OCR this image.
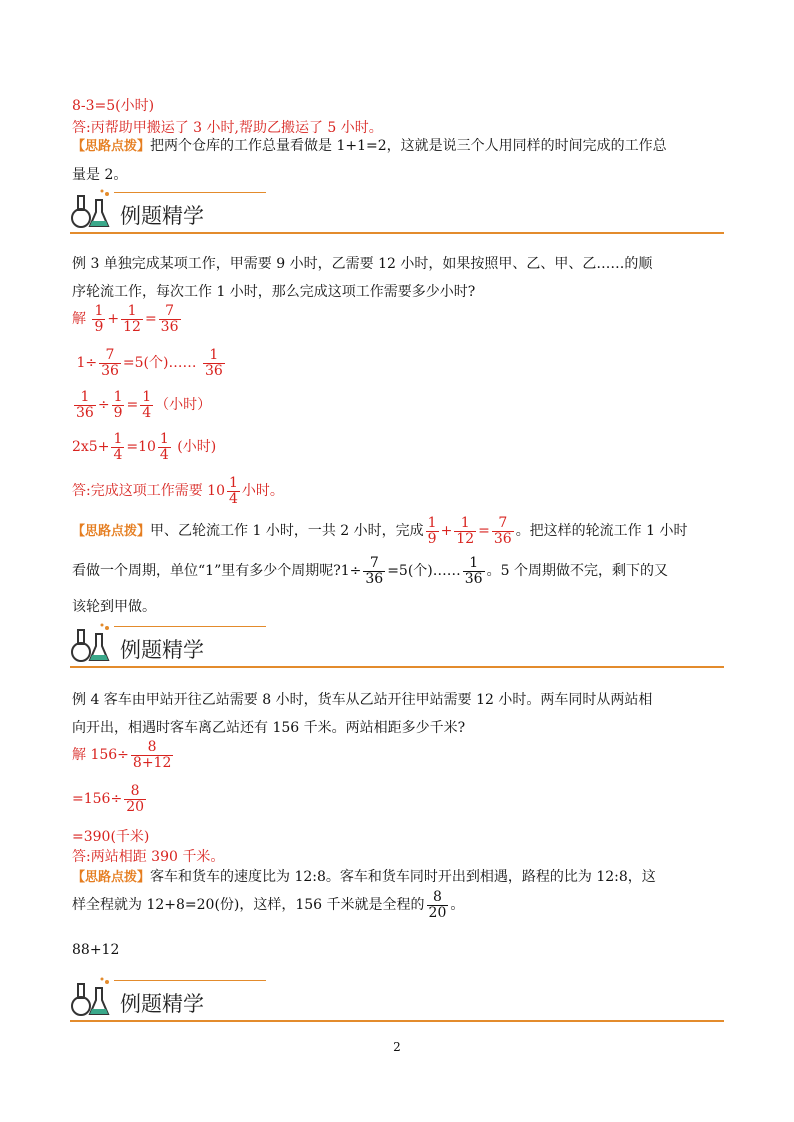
8-3=5(小时)
答:丙帮助甲搬运了 3 小时,帮助乙搬运了 5 小时。
【思路点拨】把两个仓库的工作总量看做是 1+1=2，这就是说三个人用同样的时间完成的工作总
量是 2。
例题精学
例 3 单独完成某项工作，甲需要 9 小时，乙需要 12 小时，如果按照甲、乙、甲、乙……的顺
序轮流工作，每次工作 1 小时，那么完成这项工作需要多少小时?
解 $\frac{1}{9} + \frac{1}{12} = \frac{7}{36}$
$1\div \frac{7}{36} =5$(个)…… $\frac{1}{36}$
$\frac{1}{36} \div \frac{1}{9} = \frac{1}{4}$ （小时）
$2x5+ \frac{1}{4} =10 \frac{1}{4}$ (小时)
答:完成这项工作需要 $10 \frac{1}{4}$ 小时。
【思路点拨】甲、乙轮流工作 1 小时，一共 2 小时，完成 $\frac{1}{9} + \frac{1}{12} = \frac{7}{36}$ 。把这样的轮流工作 1 小时
看做一个周期，单位“1”里有多少个周期呢?1÷ $\frac{7}{36} =5$(个)…… $\frac{1}{36}$ 。5 个周期做不完，剩下的又
该轮到甲做。
例题精学
例 4 客车由甲站开往乙站需要 8 小时，货车从乙站开往甲站需要 12 小时。两车同时从两站相
向开出，相遇时客车离乙站还有 156 千米。两站相距多少千米?
解 $156\div \frac{8}{8+12}$
$=156\div \frac{8}{20}$
=390(千米)
答:两站相距 390 千米。
【思路点拨】客车和货车的速度比为 12:8。客车和货车同时开出到相遇，路程的比为 12:8，这
样全程就为 12+8=20(份)，这样，156 千米就是全程的 $\frac{8}{20}$ 。
88+12
例题精学
2
